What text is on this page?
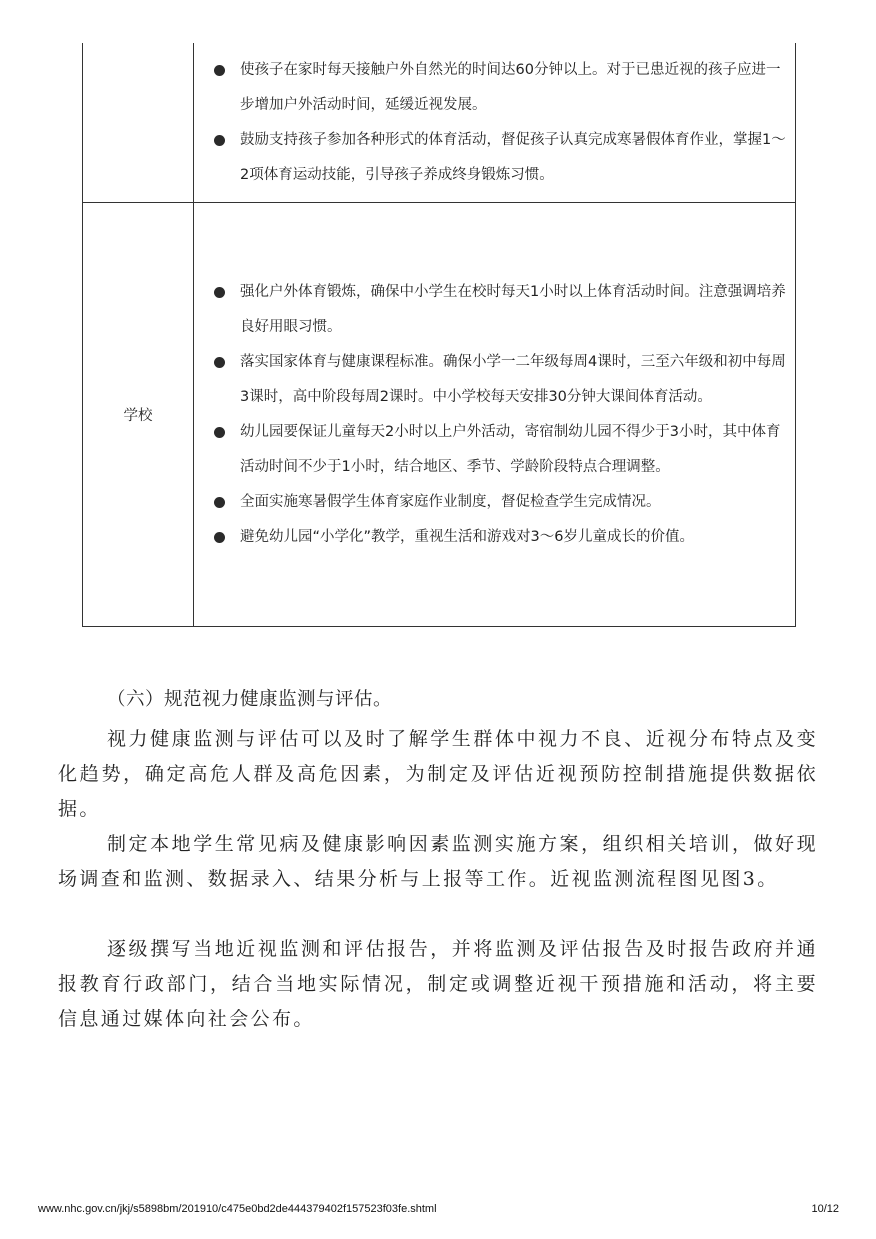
	使孩子在家时每天接触户外自然光的时间达60分钟以上。对于已患近视的孩子应进一步增加户外活动时间，延缓近视发展。
鼓励支持孩子参加各种形式的体育活动，督促孩子认真完成寒暑假体育作业，掌握1～2项体育运动技能，引导孩子养成终身锻炼习惯。

学校	强化户外体育锻炼，确保中小学生在校时每天1小时以上体育活动时间。注意强调培养良好用眼习惯。
落实国家体育与健康课程标准。确保小学一二年级每周4课时，三至六年级和初中每周3课时，高中阶段每周2课时。中小学校每天安排30分钟大课间体育活动。
幼儿园要保证儿童每天2小时以上户外活动，寄宿制幼儿园不得少于3小时，其中体育活动时间不少于1小时，结合地区、季节、学龄阶段特点合理调整。
全面实施寒暑假学生体育家庭作业制度，督促检查学生完成情况。
避免幼儿园“小学化”教学，重视生活和游戏对3～6岁儿童成长的价值。
（六）规范视力健康监测与评估。

视力健康监测与评估可以及时了解学生群体中视力不良、近视分布特点及变化趋势，确定高危人群及高危因素，为制定及评估近视预防控制措施提供数据依据。

制定本地学生常见病及健康影响因素监测实施方案，组织相关培训，做好现场调查和监测、数据录入、结果分析与上报等工作。近视监测流程图见图3。

逐级撰写当地近视监测和评估报告，并将监测及评估报告及时报告政府并通报教育行政部门，结合当地实际情况，制定或调整近视干预措施和活动，将主要信息通过媒体向社会公布。

www.nhc.gov.cn/jkj/s5898bm/201910/c475e0bd2de444379402f157523f03fe.shtml	10/12
